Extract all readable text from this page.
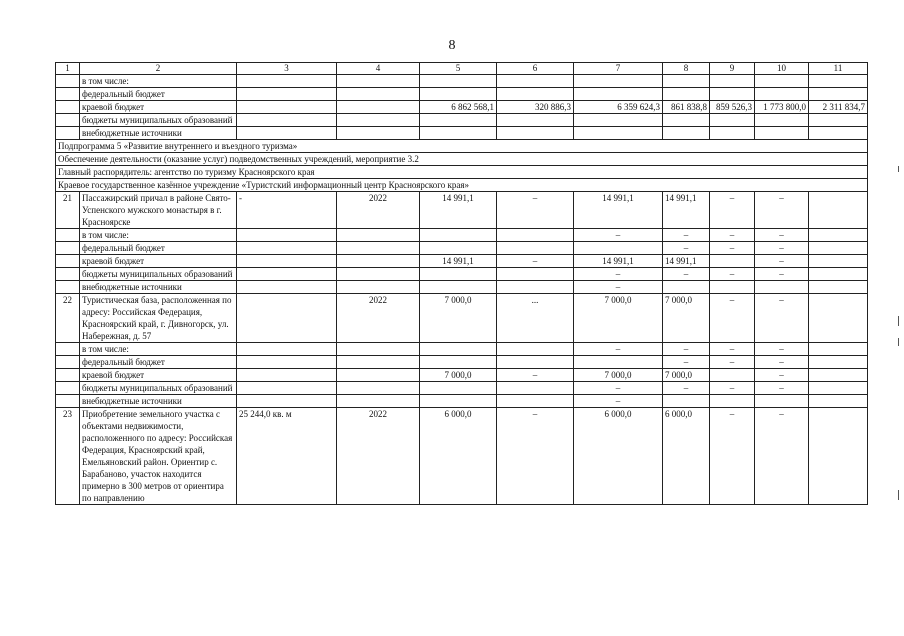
8
1	2	3	4	5	6	7	8	9	10	11
	в том числе:									
	федеральный бюджет									
	краевой бюджет			6 862 568,1	320 886,3	6 359 624,3	861 838,8	859 526,3	1 773 800,0	2 311 834,7
	бюджеты муниципальных образований									
	внебюджетные источники									
Подпрограмма 5 «Развитие внутреннего и въездного туризма»										
Обеспечение деятельности (оказание услуг) подведомственных учреждений, мероприятие 3.2										
Главный распорядитель: агентство по туризму Красноярского края										
Краевое государственное казённое учреждение «Туристский информационный центр Красноярского края»										
21	Пассажирский причал в районе Свято-Успенского мужского монастыря в г. Красноярске	-	2022	14 991,1	–	14 991,1	14 991,1	–	–	
	в том числе:					–	–	–	–	
	федеральный бюджет						–	–	–	
	краевой бюджет			14 991,1	–	14 991,1	14 991,1		–	
	бюджеты муниципальных образований					–	–	–	–	
	внебюджетные источники					–				
22	Туристическая база, расположенная по адресу: Российская Федерация, Красноярский край, г. Дивногорск, ул. Набережная, д. 57		2022	7 000,0	...	7 000,0	7 000,0	–	–	
	в том числе:					–	–	–	–	
	федеральный бюджет						–	–	–	
	краевой бюджет			7 000,0	–	7 000,0	7 000,0		–	
	бюджеты муниципальных образований					–	–	–	–	
	внебюджетные источники					–				
23	Приобретение земельного участка с объектами недвижимости, расположенного по адресу: Российская Федерация, Красноярский край, Емельяновский район. Ориентир с. Барабаново, участок находится примерно в 300 метров от ориентира по направлению	25 244,0 кв. м	2022	6 000,0	–	6 000,0	6 000,0	–	–	
